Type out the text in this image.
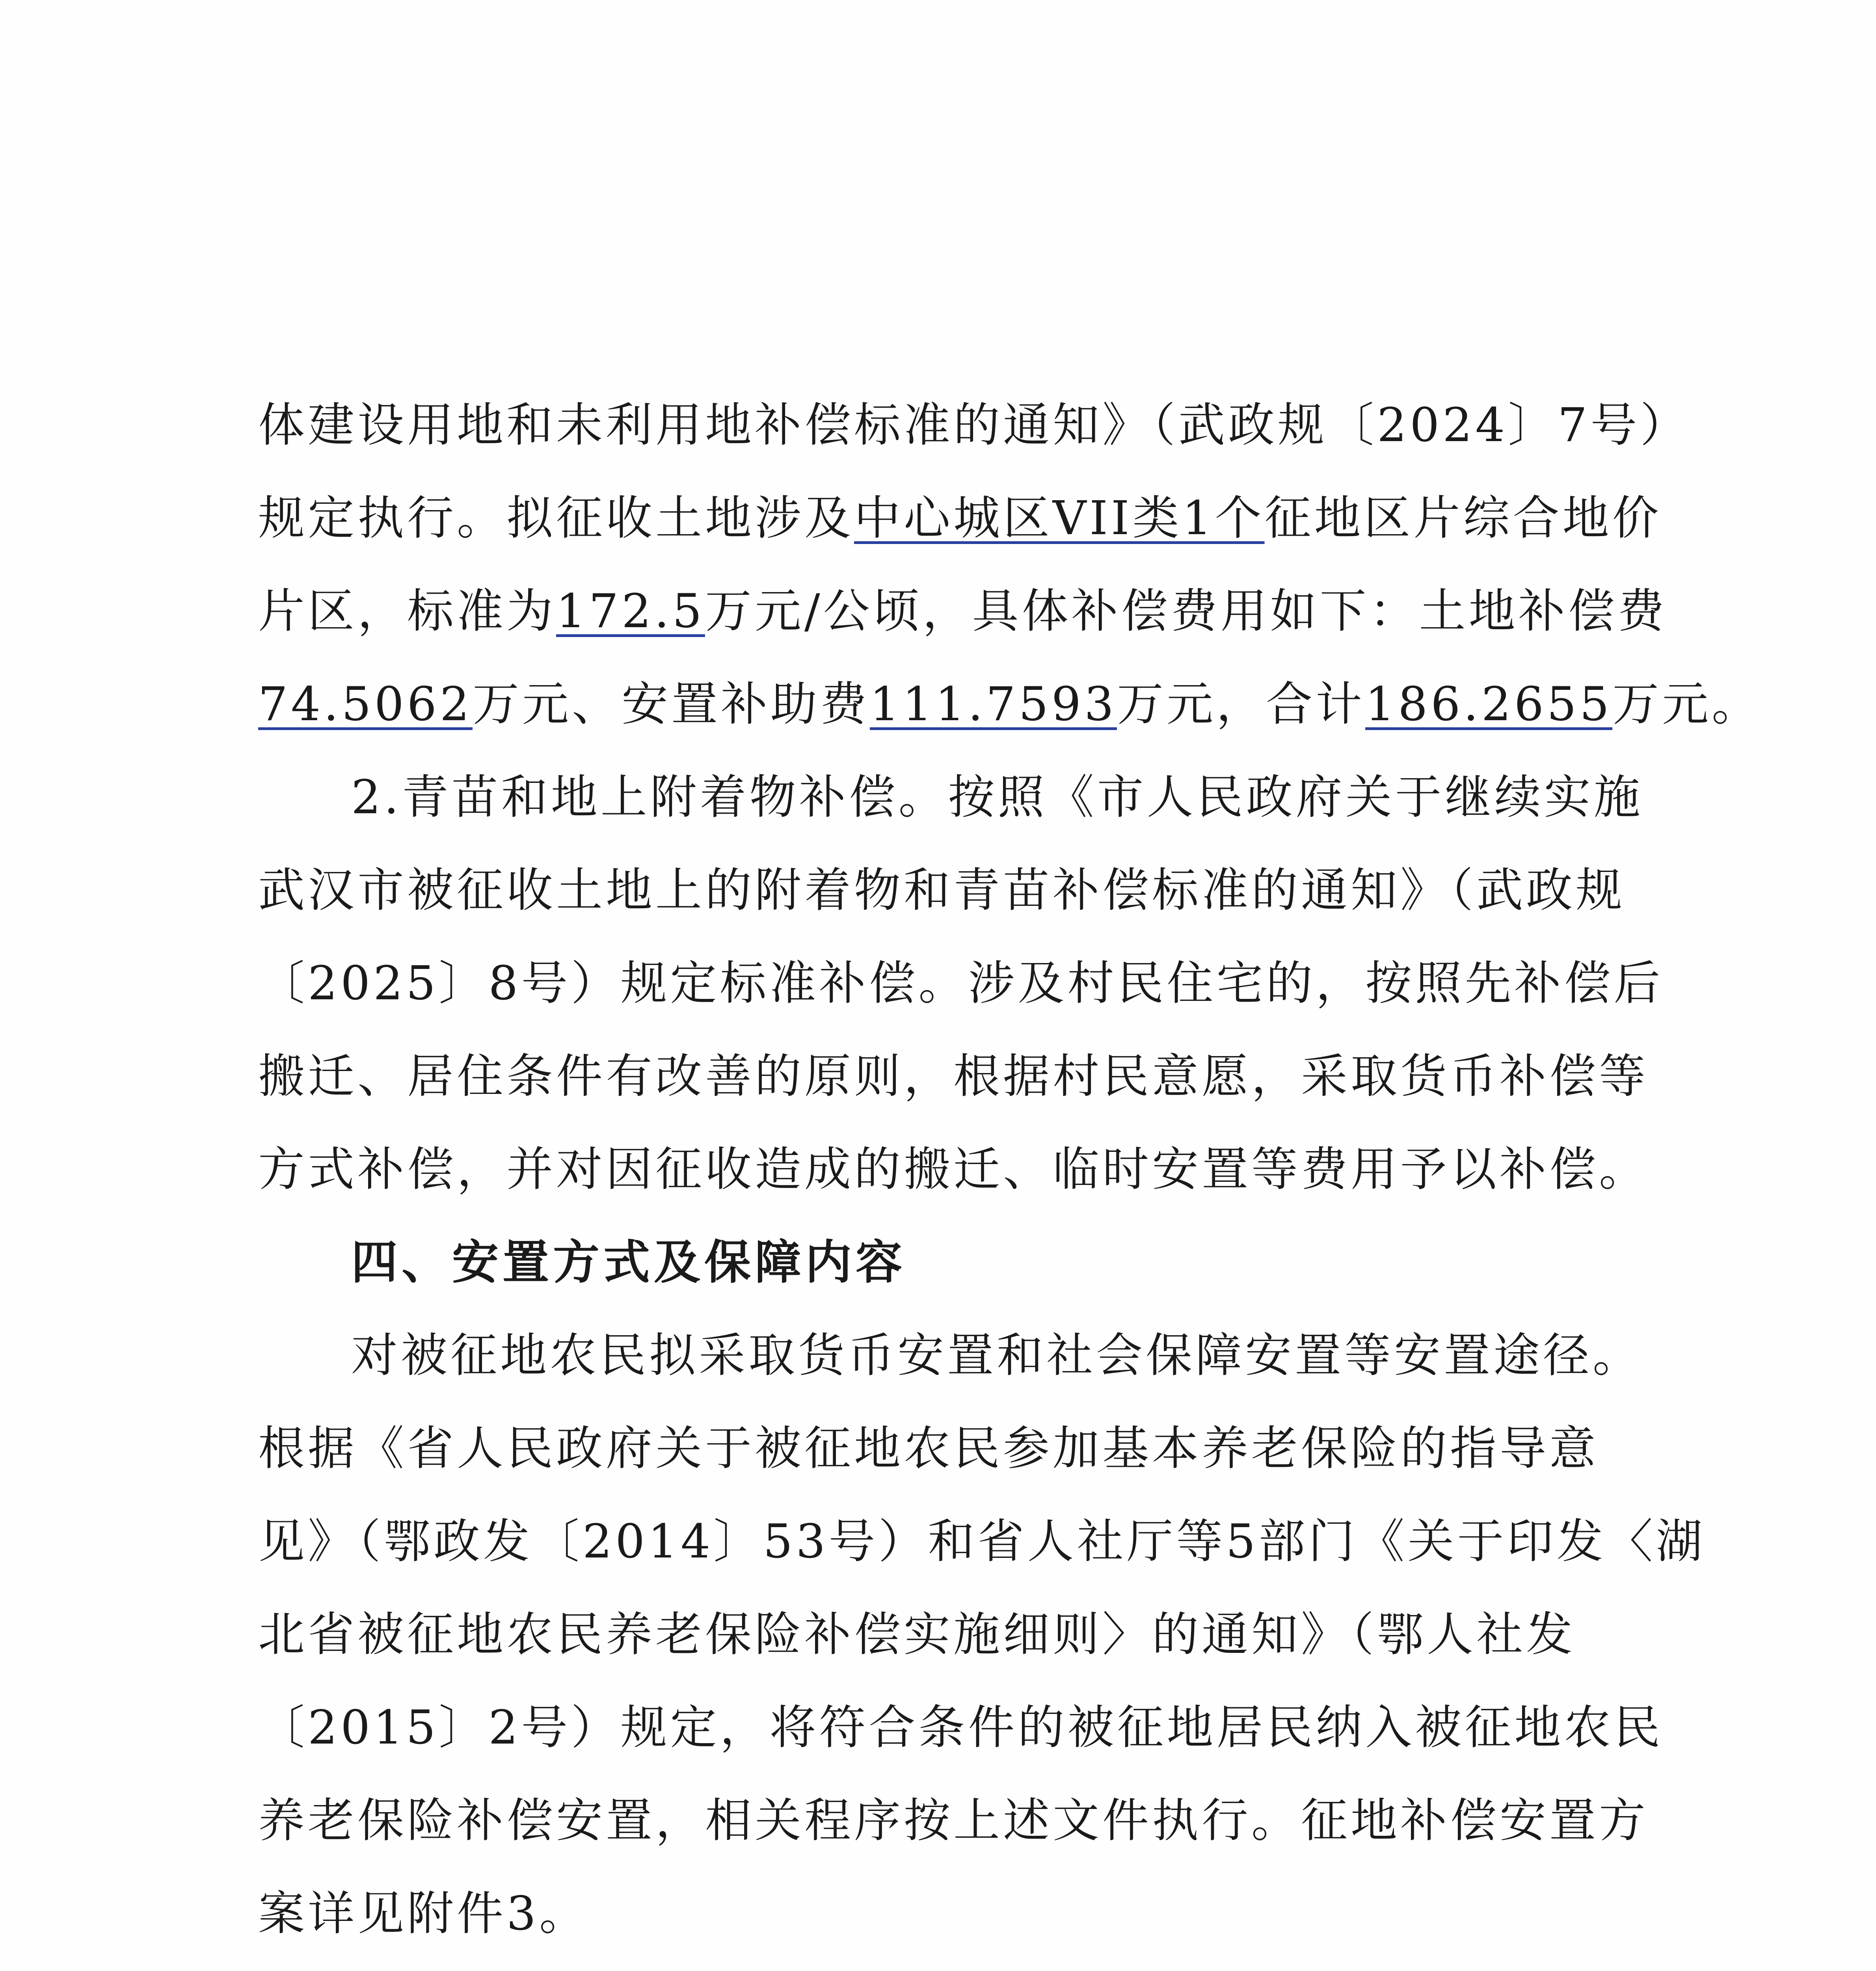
体建设用地和未利用地补偿标准的通知》（武政规〔2024〕7号）
规定执行。拟征收土地涉及中心城区VII类1个征地区片综合地价
片区，标准为172.5万元/公顷，具体补偿费用如下：土地补偿费
74.5062万元、安置补助费111.7593万元，合计186.2655万元。
2.青苗和地上附着物补偿。按照《市人民政府关于继续实施
武汉市被征收土地上的附着物和青苗补偿标准的通知》（武政规
〔2025〕8号）规定标准补偿。涉及村民住宅的，按照先补偿后
搬迁、居住条件有改善的原则，根据村民意愿，采取货币补偿等
方式补偿，并对因征收造成的搬迁、临时安置等费用予以补偿。
四、安置方式及保障内容
对被征地农民拟采取货币安置和社会保障安置等安置途径。
根据《省人民政府关于被征地农民参加基本养老保险的指导意
见》（鄂政发〔2014〕53号）和省人社厅等5部门《关于印发〈湖
北省被征地农民养老保险补偿实施细则〉的通知》（鄂人社发
〔2015〕2号）规定，将符合条件的被征地居民纳入被征地农民
养老保险补偿安置，相关程序按上述文件执行。征地补偿安置方
案详见附件3。
